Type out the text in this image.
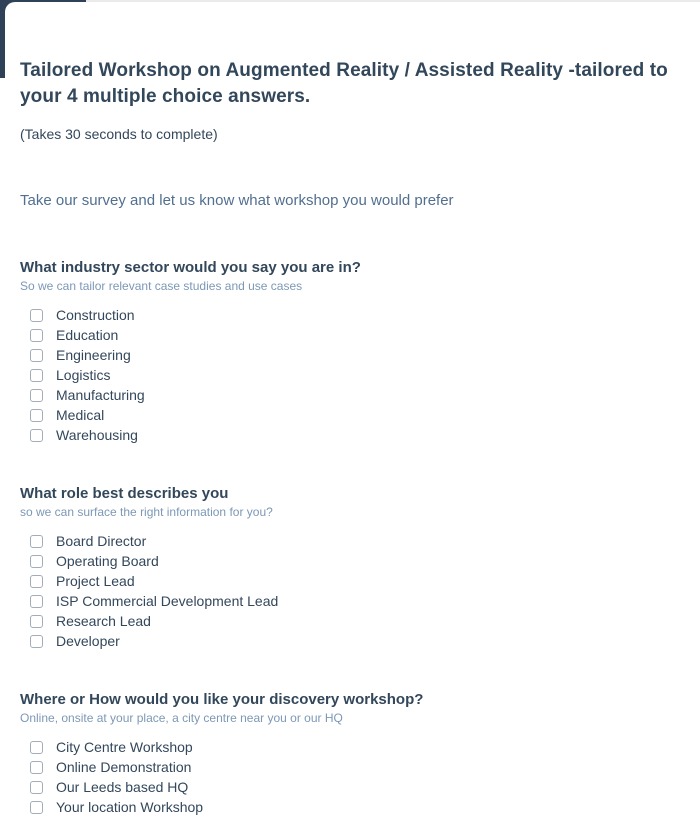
Tailored Workshop on Augmented Reality / Assisted Reality -tailored to your 4 multiple choice answers.
(Takes 30 seconds to complete)
Take our survey and let us know what workshop you would prefer
What industry sector would you say you are in?
So we can tailor relevant case studies and use cases
Construction
Education
Engineering
Logistics
Manufacturing
Medical
Warehousing
What role best describes you
so we can surface the right information for you?
Board Director
Operating Board
Project Lead
ISP Commercial Development Lead
Research Lead
Developer
Where or How would you like your discovery workshop?
Online, onsite at your place, a city centre near you or our HQ
City Centre Workshop
Online Demonstration
Our Leeds based HQ
Your location Workshop
